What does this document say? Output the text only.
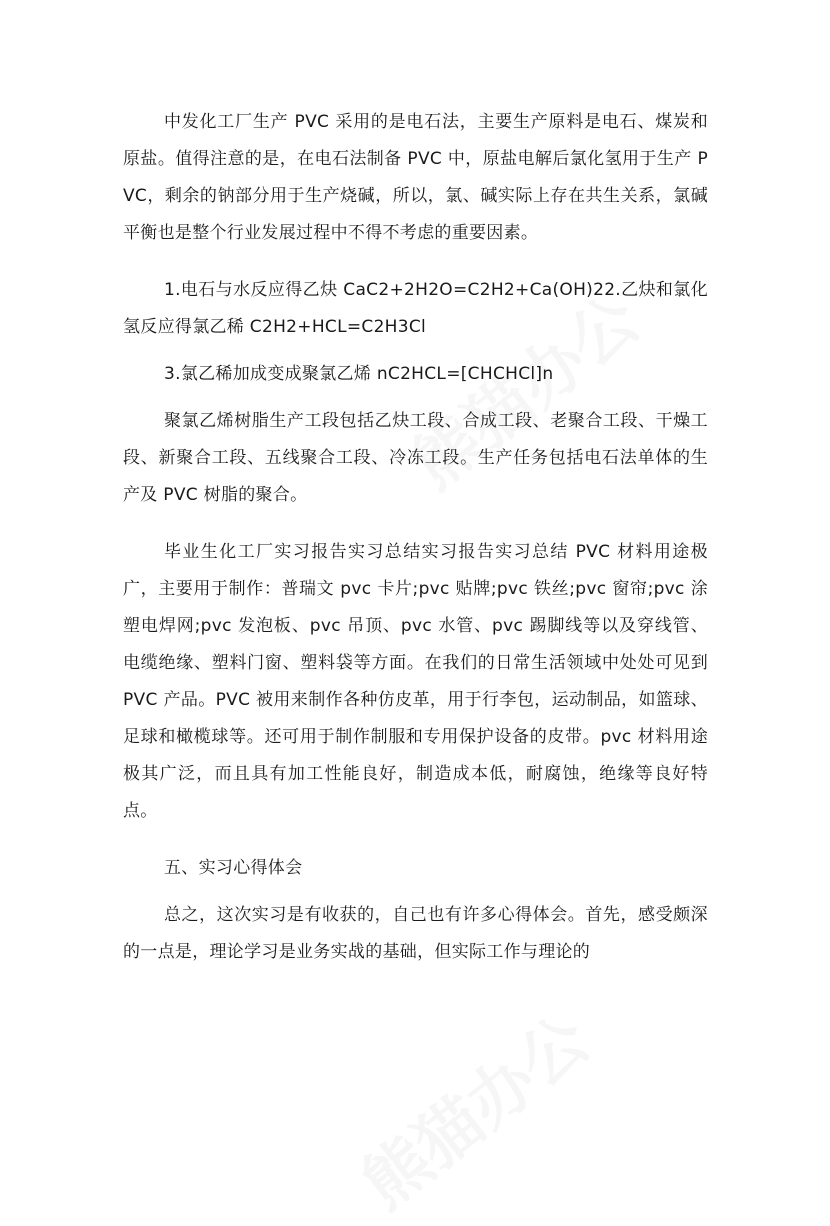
中发化工厂生产 PVC 采用的是电石法，主要生产原料是电石、煤炭和原盐。值得注意的是，在电石法制备 PVC 中，原盐电解后氯化氢用于生产 PVC，剩余的钠部分用于生产烧碱，所以，氯、碱实际上存在共生关系，氯碱平衡也是整个行业发展过程中不得不考虑的重要因素。

1.电石与水反应得乙炔 CaC2+2H2O=C2H2+Ca(OH)22.乙炔和氯化氢反应得氯乙稀 C2H2+HCL=C2H3Cl

3.氯乙稀加成变成聚氯乙烯 nC2HCL=[CHCHCl]n

聚氯乙烯树脂生产工段包括乙炔工段、合成工段、老聚合工段、干燥工段、新聚合工段、五线聚合工段、冷冻工段。生产任务包括电石法单体的生产及 PVC 树脂的聚合。

毕业生化工厂实习报告实习总结实习报告实习总结 PVC 材料用途极广，主要用于制作：普瑞文 pvc 卡片;pvc 贴牌;pvc 铁丝;pvc 窗帘;pvc 涂塑电焊网;pvc 发泡板、pvc 吊顶、pvc 水管、pvc 踢脚线等以及穿线管、电缆绝缘、塑料门窗、塑料袋等方面。在我们的日常生活领域中处处可见到 PVC 产品。PVC 被用来制作各种仿皮革，用于行李包，运动制品，如篮球、足球和橄榄球等。还可用于制作制服和专用保护设备的皮带。pvc 材料用途极其广泛，而且具有加工性能良好，制造成本低，耐腐蚀，绝缘等良好特点。

五、实习心得体会

总之，这次实习是有收获的，自己也有许多心得体会。首先，感受颇深的一点是，理论学习是业务实战的基础，但实际工作与理论的
